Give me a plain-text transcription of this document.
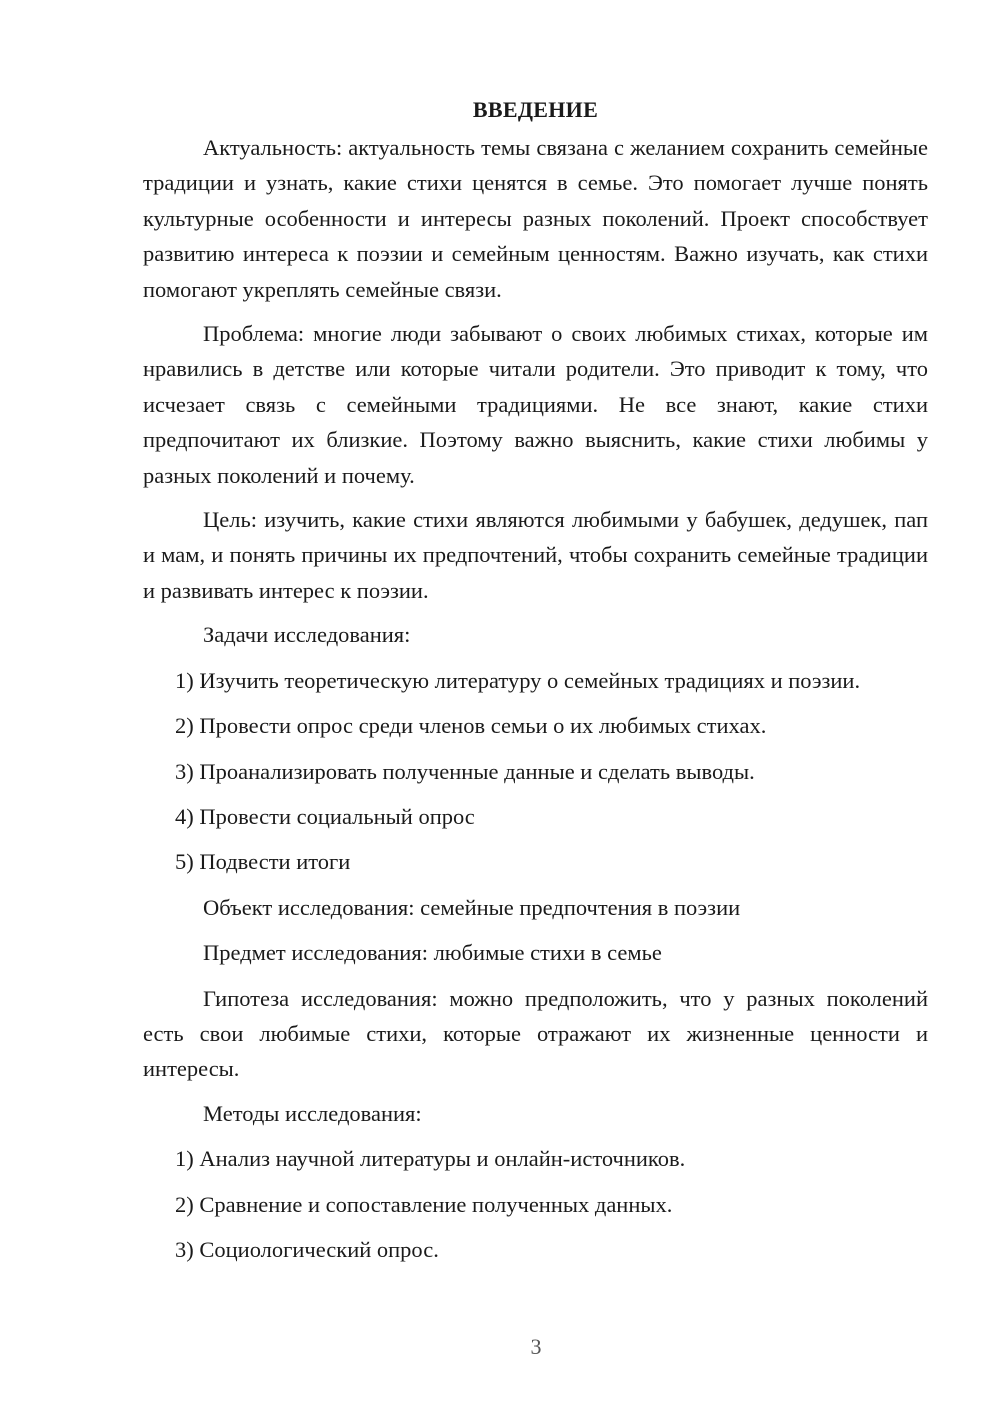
ВВЕДЕНИЕ

Актуальность: актуальность темы связана с желанием сохранить семейные традиции и узнать, какие стихи ценятся в семье. Это помогает лучше понять культурные особенности и интересы разных поколений. Проект способствует развитию интереса к поэзии и семейным ценностям. Важно изучать, как стихи помогают укреплять семейные связи.

Проблема: многие люди забывают о своих любимых стихах, которые им нравились в детстве или которые читали родители. Это приводит к тому, что исчезает связь с семейными традициями. Не все знают, какие стихи предпочитают их близкие. Поэтому важно выяснить, какие стихи любимы у разных поколений и почему.

Цель: изучить, какие стихи являются любимыми у бабушек, дедушек, пап и мам, и понять причины их предпочтений, чтобы сохранить семейные традиции и развивать интерес к поэзии.

Задачи исследования:
1) Изучить теоретическую литературу о семейных традициях и поэзии.
2) Провести опрос среди членов семьи о их любимых стихах.
3) Проанализировать полученные данные и сделать выводы.
4) Провести социальный опрос
5) Подвести итоги
Объект исследования: семейные предпочтения в поэзии
Предмет исследования: любимые стихи в семье

Гипотеза исследования: можно предположить, что у разных поколений есть свои любимые стихи, которые отражают их жизненные ценности и интересы.

Методы исследования:
1) Анализ научной литературы и онлайн-источников.
2) Сравнение и сопоставление полученных данных.
3) Социологический опрос.
3
